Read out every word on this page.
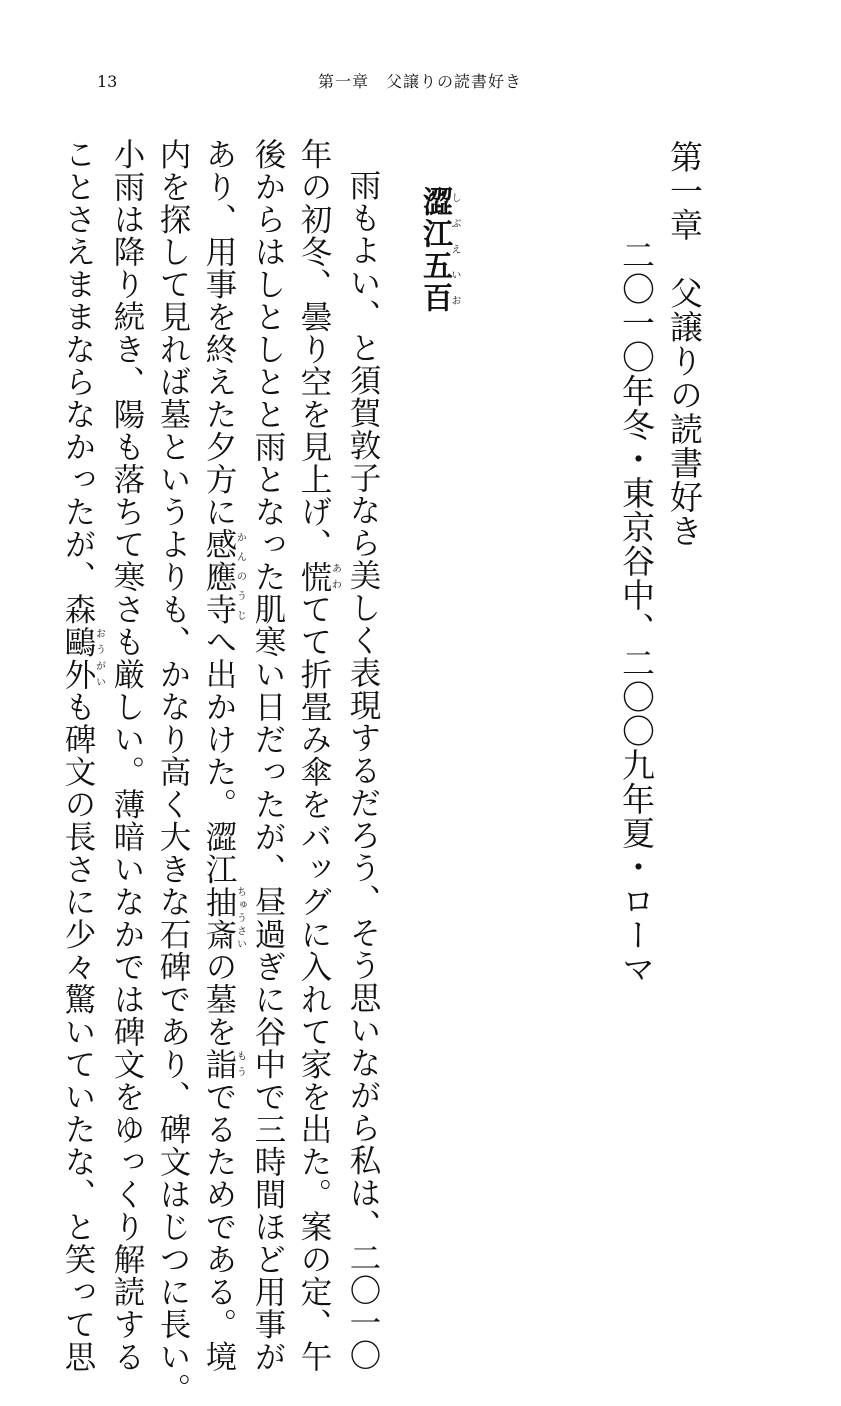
13	第一章　父譲りの読書好き
第一章　父譲りの読書好き
二〇一〇年冬・東京谷中、二〇〇九年夏・ローマ
澀江五百しぶえいお
雨もよい、と須賀敦子なら美しく表現するだろう、そう思いながら私は、二〇一〇
年の初冬、曇り空を見上げ、慌あわてて折畳み傘をバッグに入れて家を出た。案の定、午
後からはしとしとと雨となった肌寒い日だったが、昼過ぎに谷中で三時間ほど用事が
あり、用事を終えた夕方に感應寺かんのうじへ出かけた。澀江抽斎ちゅうさいの墓を詣もうでるためである。境
内を探して見れば墓というよりも、かなり高く大きな石碑であり、碑文はじつに長い。
小雨は降り続き、陽も落ちて寒さも厳しい。薄暗いなかでは碑文をゆっくり解読する
ことさえままならなかったが、森鷗外おうがいも碑文の長さに少々驚いていたな、と笑って思
